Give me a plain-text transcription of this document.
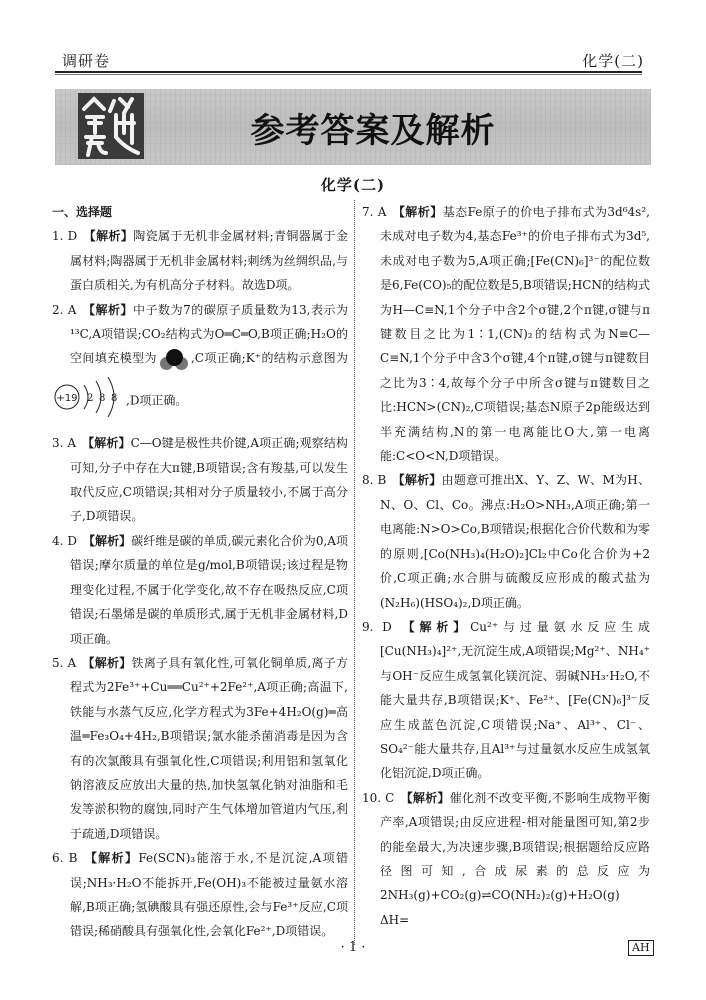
调研卷	化学(二)
参考答案及解析
化学(二)
一、选择题
1. D 【解析】陶瓷属于无机非金属材料;青铜器属于金属材料;陶器属于无机非金属材料;刺绣为丝绸织品,与蛋白质相关,为有机高分子材料。故选D项。
2. A 【解析】中子数为7的碳原子质量数为13,表示为¹³C,A项错误;CO₂结构式为O═C═O,B项正确;H₂O的空间填充模型为	,C项正确;K⁺的结构示意图为
+19 2 8 8 ,D项正确。
3. A 【解析】C—O键是极性共价键,A项正确;观察结构可知,分子中存在大π键,B项错误;含有羧基,可以发生取代反应,C项错误;其相对分子质量较小,不属于高分子,D项错误。
4. D 【解析】碳纤维是碳的单质,碳元素化合价为0,A项错误;摩尔质量的单位是g/mol,B项错误;该过程是物理变化过程,不属于化学变化,故不存在吸热反应,C项错误;石墨烯是碳的单质形式,属于无机非金属材料,D项正确。
5. A 【解析】铁离子具有氧化性,可氧化铜单质,离子方程式为2Fe³⁺+Cu══Cu²⁺+2Fe²⁺,A项正确;高温下,铁能与水蒸气反应,化学方程式为3Fe+4H₂O(g)═高温═Fe₃O₄+4H₂,B项错误;氯水能杀菌消毒是因为含有的次氯酸具有强氧化性,C项错误;利用铝和氢氧化钠溶液反应放出大量的热,加快氢氧化钠对油脂和毛发等淤积物的腐蚀,同时产生气体增加管道内气压,利于疏通,D项错误。
6. B 【解析】Fe(SCN)₃能溶于水,不是沉淀,A项错误;NH₃·H₂O不能拆开,Fe(OH)₃不能被过量氨水溶解,B项正确;氢碘酸具有强还原性,会与Fe³⁺反应,C项错误;稀硝酸具有强氧化性,会氧化Fe²⁺,D项错误。
7. A 【解析】基态Fe原子的价电子排布式为3d⁶4s²,未成对电子数为4,基态Fe³⁺的价电子排布式为3d⁵,未成对电子数为5,A项正确;[Fe(CN)₆]³⁻的配位数是6,Fe(CO)₅的配位数是5,B项错误;HCN的结构式为H—C≡N,1个分子中含2个σ键,2个π键,σ键与π键数目之比为1∶1,(CN)₂的结构式为N≡C—C≡N,1个分子中含3个σ键,4个π键,σ键与π键数目之比为3∶4,故每个分子中所含σ键与π键数目之比:HCN>(CN)₂,C项错误;基态N原子2p能级达到半充满结构,N的第一电离能比O大,第一电离能:C<O<N,D项错误。
8. B 【解析】由题意可推出X、Y、Z、W、M为H、N、O、Cl、Co。沸点:H₂O>NH₃,A项正确;第一电离能:N>O>Co,B项错误;根据化合价代数和为零的原则,[Co(NH₃)₄(H₂O)₂]Cl₂中Co化合价为+2价,C项正确;水合肼与硫酸反应形成的酸式盐为(N₂H₆)(HSO₄)₂,D项正确。
9. D 【解析】Cu²⁺与过量氨水反应生成[Cu(NH₃)₄]²⁺,无沉淀生成,A项错误;Mg²⁺、NH₄⁺与OH⁻反应生成氢氧化镁沉淀、弱碱NH₃·H₂O,不能大量共存,B项错误;K⁺、Fe²⁺、[Fe(CN)₆]³⁻反应生成蓝色沉淀,C项错误;Na⁺、Al³⁺、Cl⁻、SO₄²⁻能大量共存,且Al³⁺与过量氨水反应生成氢氧化铝沉淀,D项正确。
10. C 【解析】催化剂不改变平衡,不影响生成物平衡产率,A项错误;由反应进程-相对能量图可知,第2步的能垒最大,为决速步骤,B项错误;根据题给反应路径图可知,合成尿素的总反应为2NH₃(g)+CO₂(g)⇌CO(NH₂)₂(g)+H₂O(g) ΔH=
· 1 ·	AH
